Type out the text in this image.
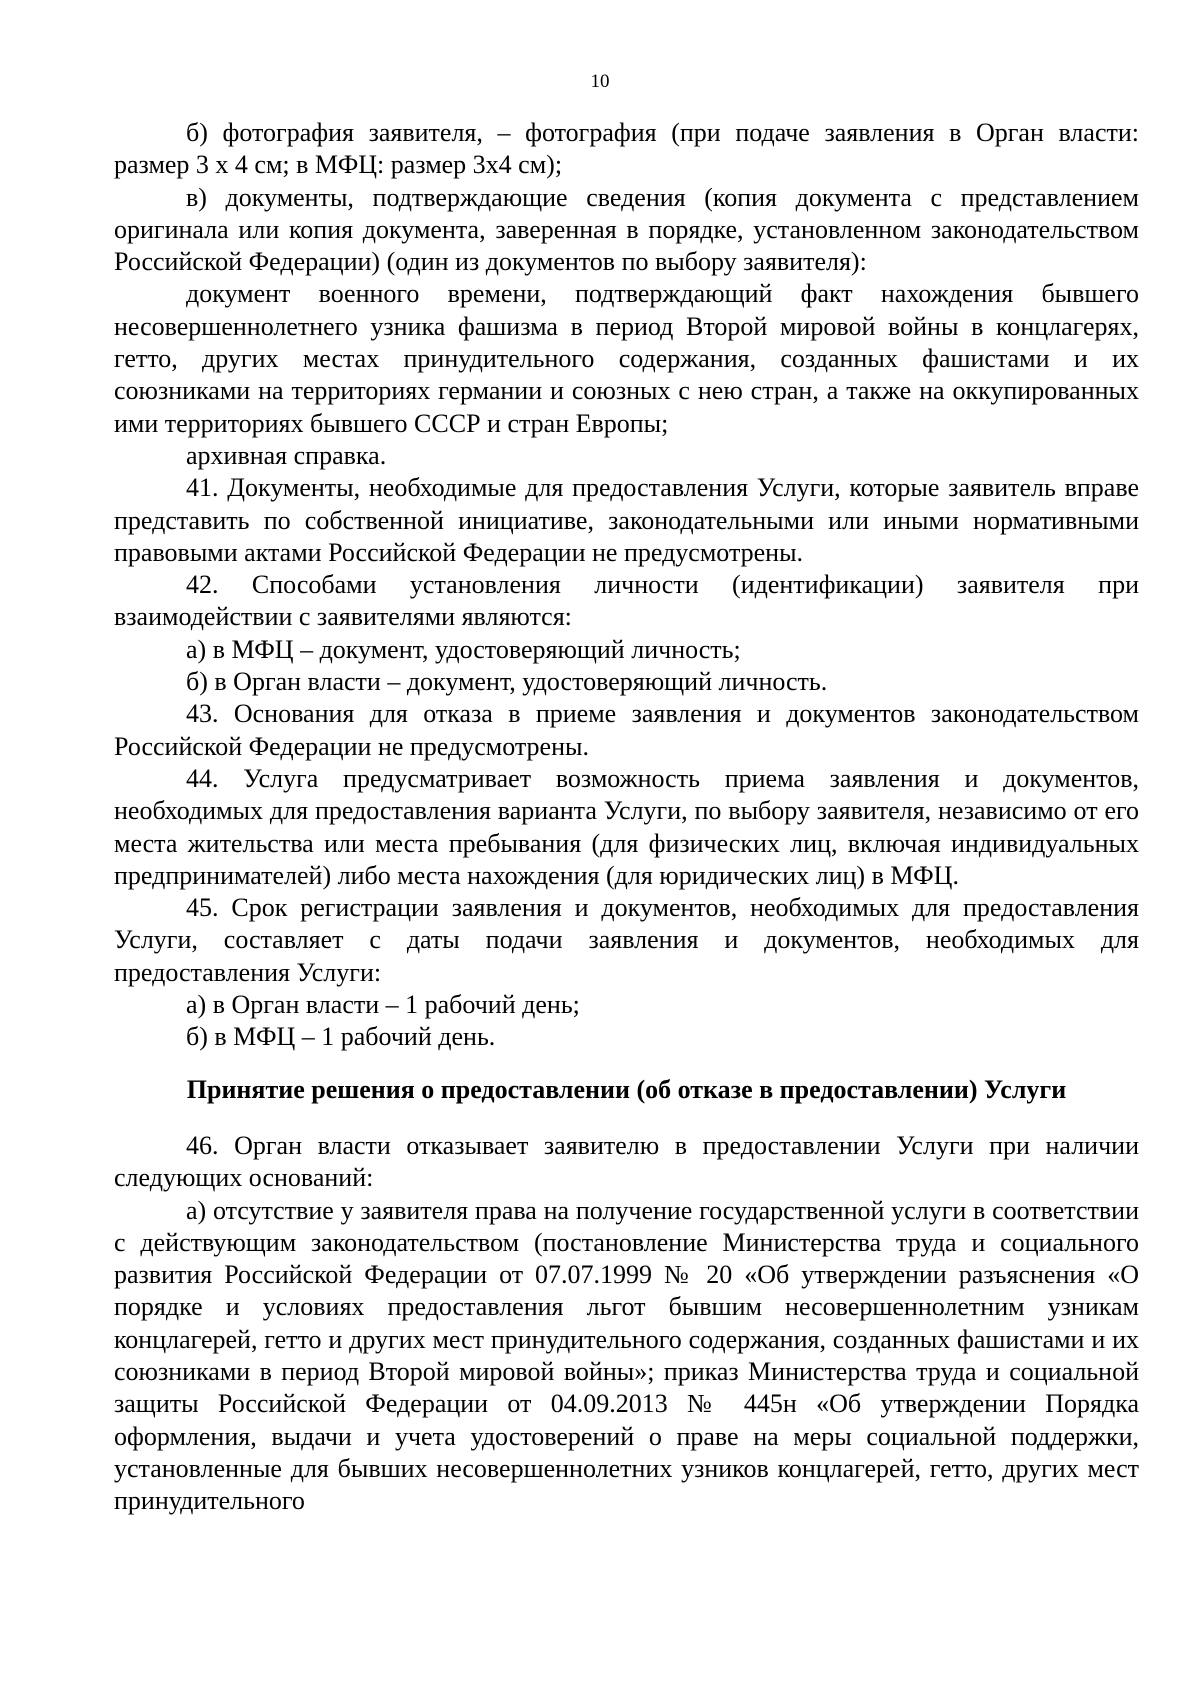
10

б) фотография заявителя, – фотография (при подаче заявления в Орган власти: размер 3 х 4 см; в МФЦ: размер 3х4 см);

в) документы, подтверждающие сведения (копия документа с представлением оригинала или копия документа, заверенная в порядке, установленном законодательством Российской Федерации) (один из документов по выбору заявителя):

документ военного времени, подтверждающий факт нахождения бывшего несовершеннолетнего узника фашизма в период Второй мировой войны в концлагерях, гетто, других местах принудительного содержания, созданных фашистами и их союзниками на территориях германии и союзных с нею стран, а также на оккупированных ими территориях бывшего СССР и стран Европы;

архивная справка.

41. Документы, необходимые для предоставления Услуги, которые заявитель вправе представить по собственной инициативе, законодательными или иными нормативными правовыми актами Российской Федерации не предусмотрены.

42. Способами установления личности (идентификации) заявителя при взаимодействии с заявителями являются:

а) в МФЦ – документ, удостоверяющий личность;

б) в Орган власти – документ, удостоверяющий личность.

43. Основания для отказа в приеме заявления и документов законодательством Российской Федерации не предусмотрены.

44. Услуга предусматривает возможность приема заявления и документов, необходимых для предоставления варианта Услуги, по выбору заявителя, независимо от его места жительства или места пребывания (для физических лиц, включая индивидуальных предпринимателей) либо места нахождения (для юридических лиц) в МФЦ.

45. Срок регистрации заявления и документов, необходимых для предоставления Услуги, составляет с даты подачи заявления и документов, необходимых для предоставления Услуги:

а) в Орган власти – 1 рабочий день;

б) в МФЦ – 1 рабочий день.

Принятие решения о предоставлении (об отказе в предоставлении) Услуги

46. Орган власти отказывает заявителю в предоставлении Услуги при наличии следующих оснований:

а) отсутствие у заявителя права на получение государственной услуги в соответствии с действующим законодательством (постановление Министерства труда и социального развития Российской Федерации от 07.07.1999 № 20 «Об утверждении разъяснения «О порядке и условиях предоставления льгот бывшим несовершеннолетним узникам концлагерей, гетто и других мест принудительного содержания, созданных фашистами и их союзниками в период Второй мировой войны»; приказ Министерства труда и социальной защиты Российской Федерации от 04.09.2013 № 445н «Об утверждении Порядка оформления, выдачи и учета удостоверений о праве на меры социальной поддержки, установленные для бывших несовершеннолетних узников концлагерей, гетто, других мест принудительного
